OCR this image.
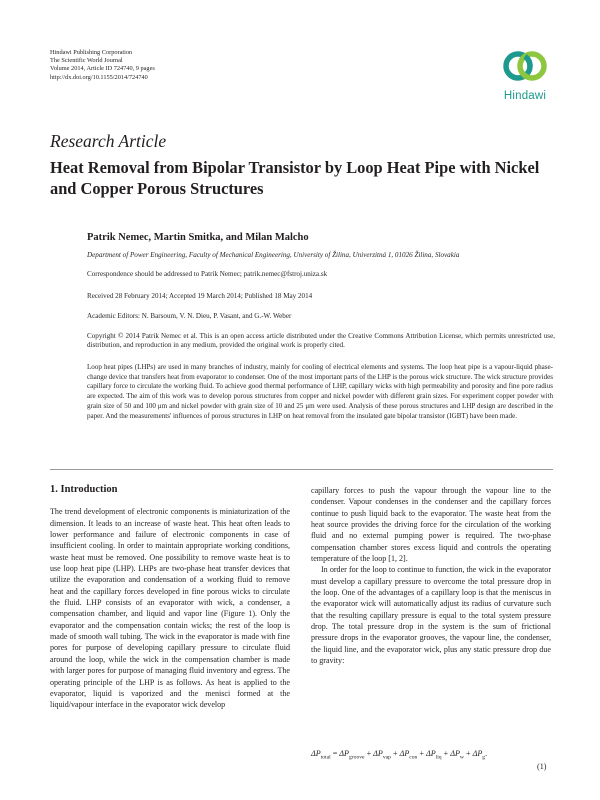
Hindawi Publishing Corporation
The Scientific World Journal
Volume 2014, Article ID 724740, 9 pages
http://dx.doi.org/10.1155/2014/724740
Hindawi
Research Article
Heat Removal from Bipolar Transistor by Loop Heat Pipe with Nickel and Copper Porous Structures
Patrik Nemec, Martin Smitka, and Milan Malcho

Department of Power Engineering, Faculty of Mechanical Engineering, University of Žilina, Univerzitná 1, 01026 Žilina, Slovakia

Correspondence should be addressed to Patrik Nemec; patrik.nemec@fstroj.uniza.sk

Received 28 February 2014; Accepted 19 March 2014; Published 18 May 2014

Academic Editors: N. Barsoum, V. N. Dieu, P. Vasant, and G.-W. Weber

Copyright © 2014 Patrik Nemec et al. This is an open access article distributed under the Creative Commons Attribution License, which permits unrestricted use, distribution, and reproduction in any medium, provided the original work is properly cited.

Loop heat pipes (LHPs) are used in many branches of industry, mainly for cooling of electrical elements and systems. The loop heat pipe is a vapour-liquid phase-change device that transfers heat from evaporator to condenser. One of the most important parts of the LHP is the porous wick structure. The wick structure provides capillary force to circulate the working fluid. To achieve good thermal performance of LHP, capillary wicks with high permeability and porosity and fine pore radius are expected. The aim of this work was to develop porous structures from copper and nickel powder with different grain sizes. For experiment copper powder with grain size of 50 and 100 μm and nickel powder with grain size of 10 and 25 μm were used. Analysis of these porous structures and LHP design are described in the paper. And the measurements' influences of porous structures in LHP on heat removal from the insulated gate bipolar transistor (IGBT) have been made.

1. Introduction

The trend development of electronic components is miniaturization of the dimension. It leads to an increase of waste heat. This heat often leads to lower performance and failure of electronic components in case of insufficient cooling. In order to maintain appropriate working conditions, waste heat must be removed. One possibility to remove waste heat is to use loop heat pipe (LHP). LHPs are two-phase heat transfer devices that utilize the evaporation and condensation of a working fluid to remove heat and the capillary forces developed in fine porous wicks to circulate the fluid. LHP consists of an evaporator with wick, a condenser, a compensation chamber, and liquid and vapor line (Figure 1). Only the evaporator and the compensation contain wicks; the rest of the loop is made of smooth wall tubing. The wick in the evaporator is made with fine pores for purpose of developing capillary pressure to circulate fluid around the loop, while the wick in the compensation chamber is made with larger pores for purpose of managing fluid inventory and egress. The operating principle of the LHP is as follows. As heat is applied to the evaporator, liquid is vaporized and the menisci formed at the liquid/vapour interface in the evaporator wick develop

capillary forces to push the vapour through the vapour line to the condenser. Vapour condenses in the condenser and the capillary forces continue to push liquid back to the evaporator. The waste heat from the heat source provides the driving force for the circulation of the working fluid and no external pumping power is required. The two-phase compensation chamber stores excess liquid and controls the operating temperature of the loop [1, 2].

In order for the loop to continue to function, the wick in the evaporator must develop a capillary pressure to overcome the total pressure drop in the loop. One of the advantages of a capillary loop is that the meniscus in the evaporator wick will automatically adjust its radius of curvature such that the resulting capillary pressure is equal to the total system pressure drop. The total pressure drop in the system is the sum of frictional pressure drops in the evaporator grooves, the vapour line, the condenser, the liquid line, and the evaporator wick, plus any static pressure drop due to gravity:

$\Delta P_{total} = \Delta P_{groove} + \Delta P_{vap} + \Delta P_{con} + \Delta P_{liq} + \Delta P_w + \Delta P_g$.
(1)
